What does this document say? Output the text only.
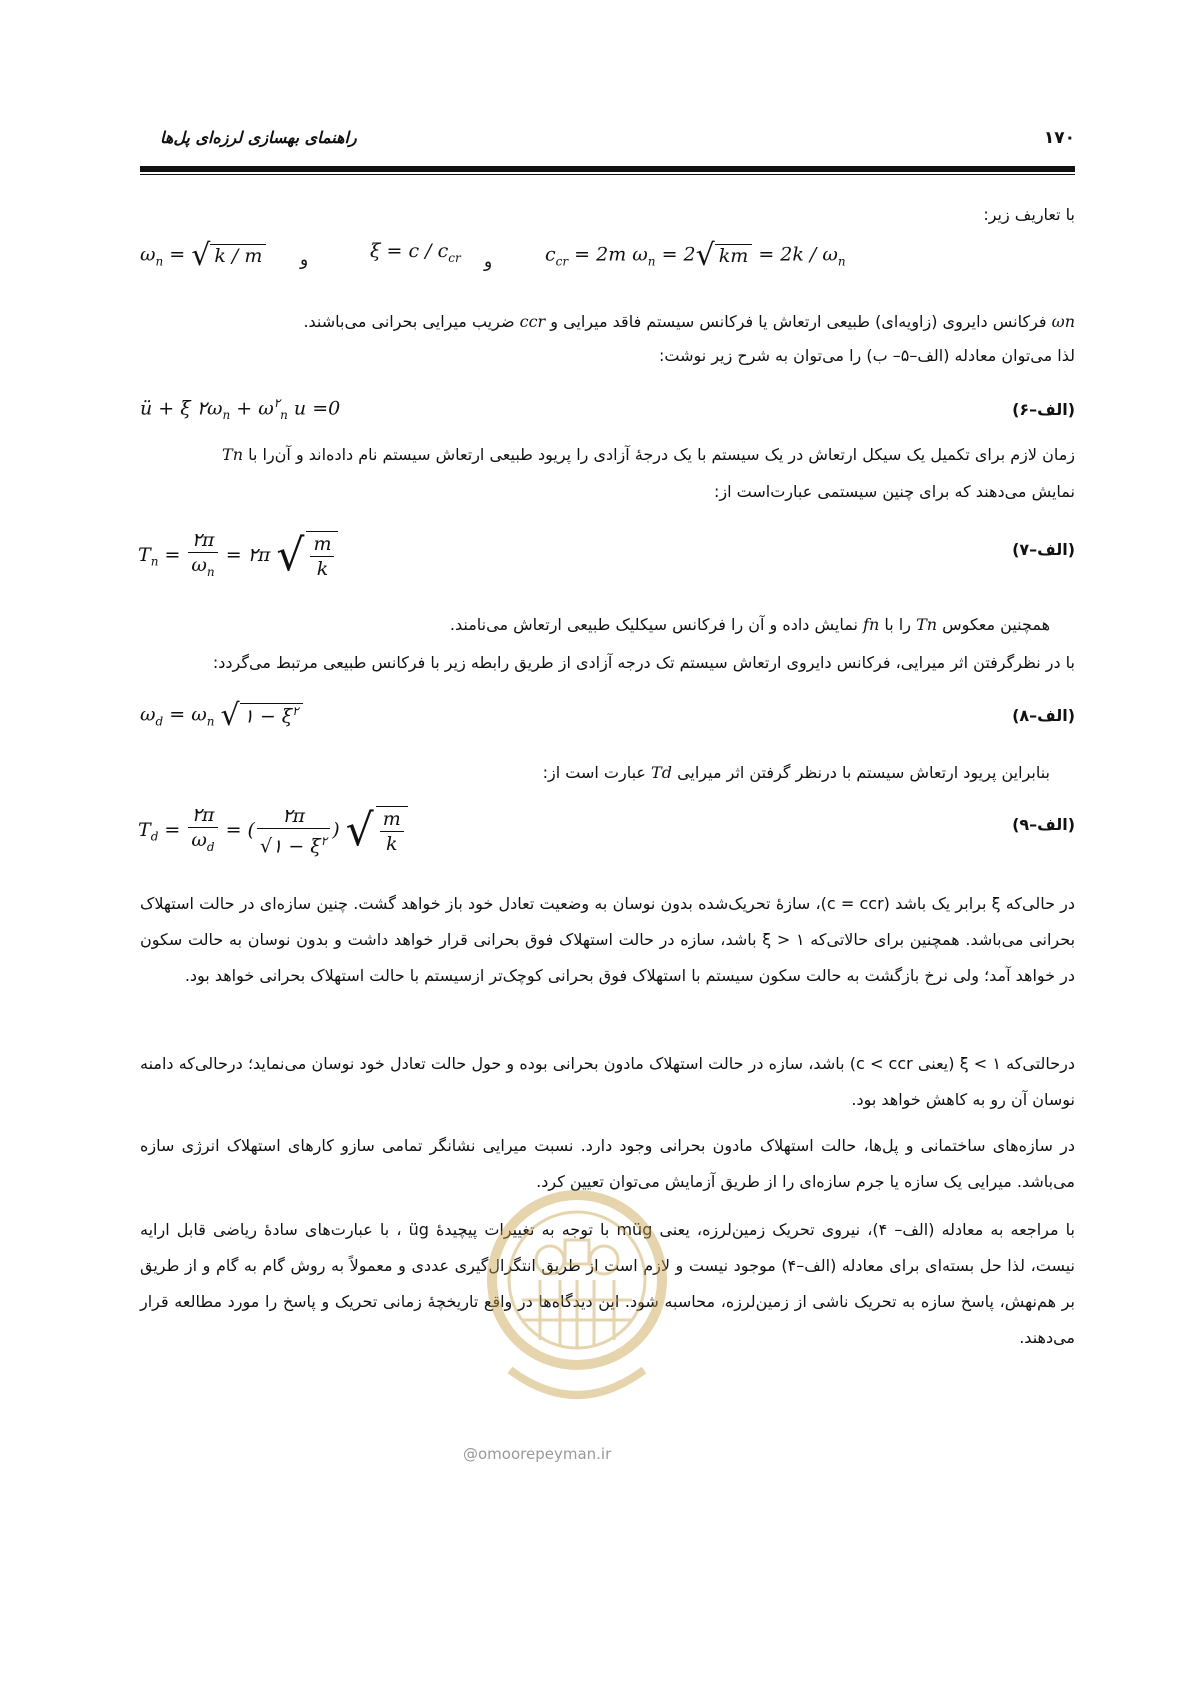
۱۷۰
راهنمای بهسازی لرزه‌ای پل‌ها
با تعاریف زیر:
$\omega_n$ = √ k / m و	$\xi = c / c_{cr}$ و	$c_{cr} = 2m$ $\omega_n = 2√$ km = $2k / \omega_n$
ωn فرکانس دایروی (زاویه‌ای) طبیعی ارتعاش یا فرکانس سیستم فاقد میرایی و ccr ضریب میرایی بحرانی می‌باشند.
لذا می‌توان معادله (الف–۵– ب) را می‌توان به شرح زیر نوشت:
(الف–۶)
ü + ξ $۲\omega_n + \omega^۲_n$ u =0
زمان لازم برای تکمیل یک سیکل ارتعاش در یک سیستم با یک درجهٔ آزادی را پریود طبیعی ارتعاش سیستم نام داده‌اند و آن‌را با Tn
نمایش می‌دهند که برای چنین سیستمی عبارت‌است از:
(الف–۷)
$T_n = \frac{۲\pi}{\omega_n}$ = ۲π √ $\frac{m}{k}$
همچنین معکوس Tn را با fn نمایش داده و آن را فرکانس سیکلیک طبیعی ارتعاش می‌نامند.
با در نظرگرفتن اثر میرایی، فرکانس دایروی ارتعاش سیستم تک درجه آزادی از طریق رابطه زیر با فرکانس طبیعی مرتبط می‌گردد:
(الف–۸)
$\omega_d = \omega_n$ √ ۱ − $\xi^۲$
بنابراین پریود ارتعاش سیستم با درنظر گرفتن اثر میرایی Td عبارت است از:
(الف–۹)
$T_d = \frac{۲\pi}{\omega_d}$ = ( $\frac{۲\pi}{√۱ - \xi^۲}$ ) √ $\frac{m}{k}$
در حالی‌که ξ برابر یک باشد (c = ccr)، سازهٔ تحریک‌شده بدون نوسان به وضعیت تعادل خود باز خواهد گشت. چنین سازه‌ای در حالت استهلاک بحرانی می‌باشد. همچنین برای حالاتی‌که ۱ < ξ باشد، سازه در حالت استهلاک فوق بحرانی قرار خواهد داشت و بدون نوسان به حالت سکون در خواهد آمد؛ ولی نرخ بازگشت به حالت سکون سیستم با استهلاک فوق بحرانی کوچک‌تر ازسیستم با حالت استهلاک بحرانی خواهد بود.
درحالتی‌که ۱ > ξ (یعنی c < ccr) باشد، سازه در حالت استهلاک مادون بحرانی بوده و حول حالت تعادل خود نوسان می‌نماید؛ درحالی‌که دامنه نوسان آن رو به کاهش خواهد بود.
در سازه‌های ساختمانی و پل‌ها، حالت استهلاک مادون بحرانی وجود دارد. نسبت میرایی نشانگر تمامی سازو کارهای استهلاک انرژی سازه می‌باشد. میرایی یک سازه یا جرم سازه‌ای را از طریق آزمایش می‌توان تعیین کرد.
با مراجعه به معادله (الف– ۴)، نیروی تحریک زمین‌لرزه، یعنی müg با توجه به تغییرات پیچیدهٔ üg ، با عبارت‌های سادهٔ ریاضی قابل ارایه نیست، لذا حل بسته‌ای برای معادله (الف–۴) موجود نیست و لازم است از طریق انتگرال‌گیری عددی و معمولاً به روش گام به گام و از طریق بر هم‌نهش، پاسخ سازه به تحریک ناشی از زمین‌لرزه، محاسبه شود. این دیدگاه‌ها در واقع تاریخچهٔ زمانی تحریک و پاسخ را مورد مطالعه قرار می‌دهند.
@omoorepeyman.ir
